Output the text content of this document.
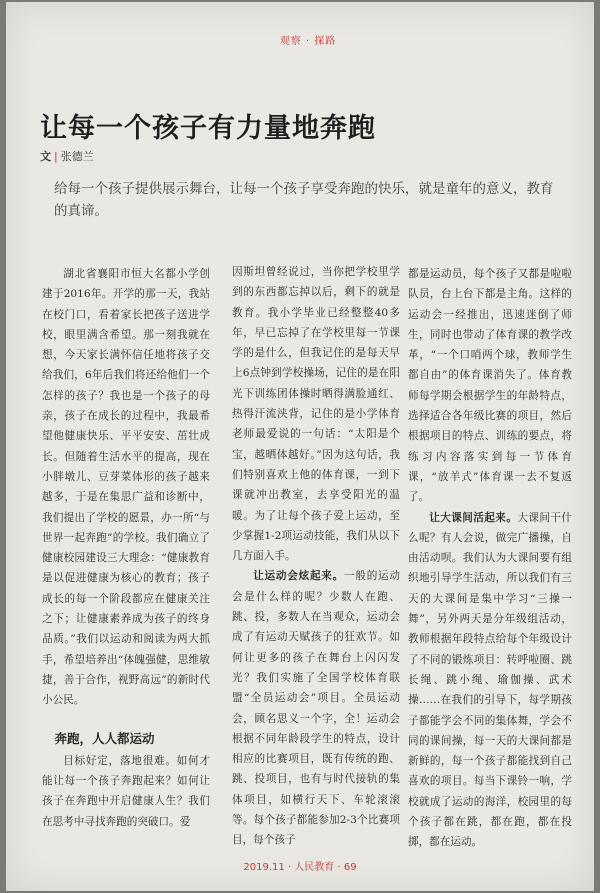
观察 · 探路
让每一个孩子有力量地奔跑
文 | 张德兰
给每一个孩子提供展示舞台，让每一个孩子享受奔跑的快乐，就是童年的意义，教育的真谛。

湖北省襄阳市恒大名都小学创建于2016年。开学的那一天，我站在校门口，看着家长把孩子送进学校，眼里满含希望。那一刻我就在想，今天家长满怀信任地将孩子交给我们，6年后我们将还给他们一个怎样的孩子？我也是一个孩子的母亲，孩子在成长的过程中，我最希望他健康快乐、平平安安、茁壮成长。但随着生活水平的提高，现在小胖墩儿、豆芽菜体形的孩子越来越多，于是在集思广益和诊断中，我们提出了学校的愿景，办一所“与世界一起奔跑”的学校。我们确立了健康校园建设三大理念：“健康教育是以促进健康为核心的教育；孩子成长的每一个阶段都应在健康关注之下；让健康素养成为孩子的终身品质。”我们以运动和阅读为两大抓手，希望培养出“体魄强健，思维敏捷，善于合作，视野高远”的新时代小公民。

奔跑，人人都运动

目标好定，落地很难。如何才能让每一个孩子奔跑起来？如何让孩子在奔跑中开启健康人生？我们在思考中寻找奔跑的突破口。爱

因斯坦曾经说过，当你把学校里学到的东西都忘掉以后，剩下的就是教育。我小学毕业已经整整40多年，早已忘掉了在学校里每一节课学的是什么，但我记住的是每天早上6点钟到学校操场，记住的是在阳光下训练团体操时晒得满脸通红、热得汗流浃背，记住的是小学体育老师最爱说的一句话：“太阳是个宝，越晒体越好。”因为这句话，我们特别喜欢上他的体育课，一到下课就冲出教室，去享受阳光的温暖。为了让每个孩子爱上运动，至少掌握1-2项运动技能，我们从以下几方面入手。

让运动会炫起来。一般的运动会是什么样的呢？少数人在跑、跳、投，多数人在当观众，运动会成了有运动天赋孩子的狂欢节。如何让更多的孩子在舞台上闪闪发光？我们实施了全国学校体育联盟“全员运动会”项目。全员运动会，顾名思义一个字，全！运动会根据不同年龄段学生的特点，设计相应的比赛项目，既有传统的跑、跳、投项目，也有与时代接轨的集体项目，如横行天下、车轮滚滚等。每个孩子都能参加2-3个比赛项目，每个孩子

都是运动员，每个孩子又都是啦啦队员，台上台下都是主角。这样的运动会一经推出，迅速迷倒了师生，同时也带动了体育课的教学改革，“一个口哨两个球，教师学生都自由”的体育课消失了。体育教师每学期会根据学生的年龄特点，选择适合各年级比赛的项目，然后根据项目的特点、训练的要点，将练习内容落实到每一节体育课，“放羊式”体育课一去不复返了。

让大课间活起来。大课间干什么呢？有人会说，做完广播操，自由活动呗。我们认为大课间要有组织地引导学生活动，所以我们有三天的大课间是集中学习“三操一舞”，另外两天是分年级组活动，教师根据年段特点给每个年级设计了不同的锻炼项目：转呼啦圈、跳长绳、跳小绳、瑜伽操、武术操……在我们的引导下，每学期孩子都能学会不同的集体舞，学会不同的课间操，每一天的大课间都是新鲜的，每一个孩子都能找到自己喜欢的项目。每当下课铃一响，学校就成了运动的海洋，校园里的每个孩子都在跳，都在跑，都在投掷，都在运动。

2019.11 · 人民教育 · 69
